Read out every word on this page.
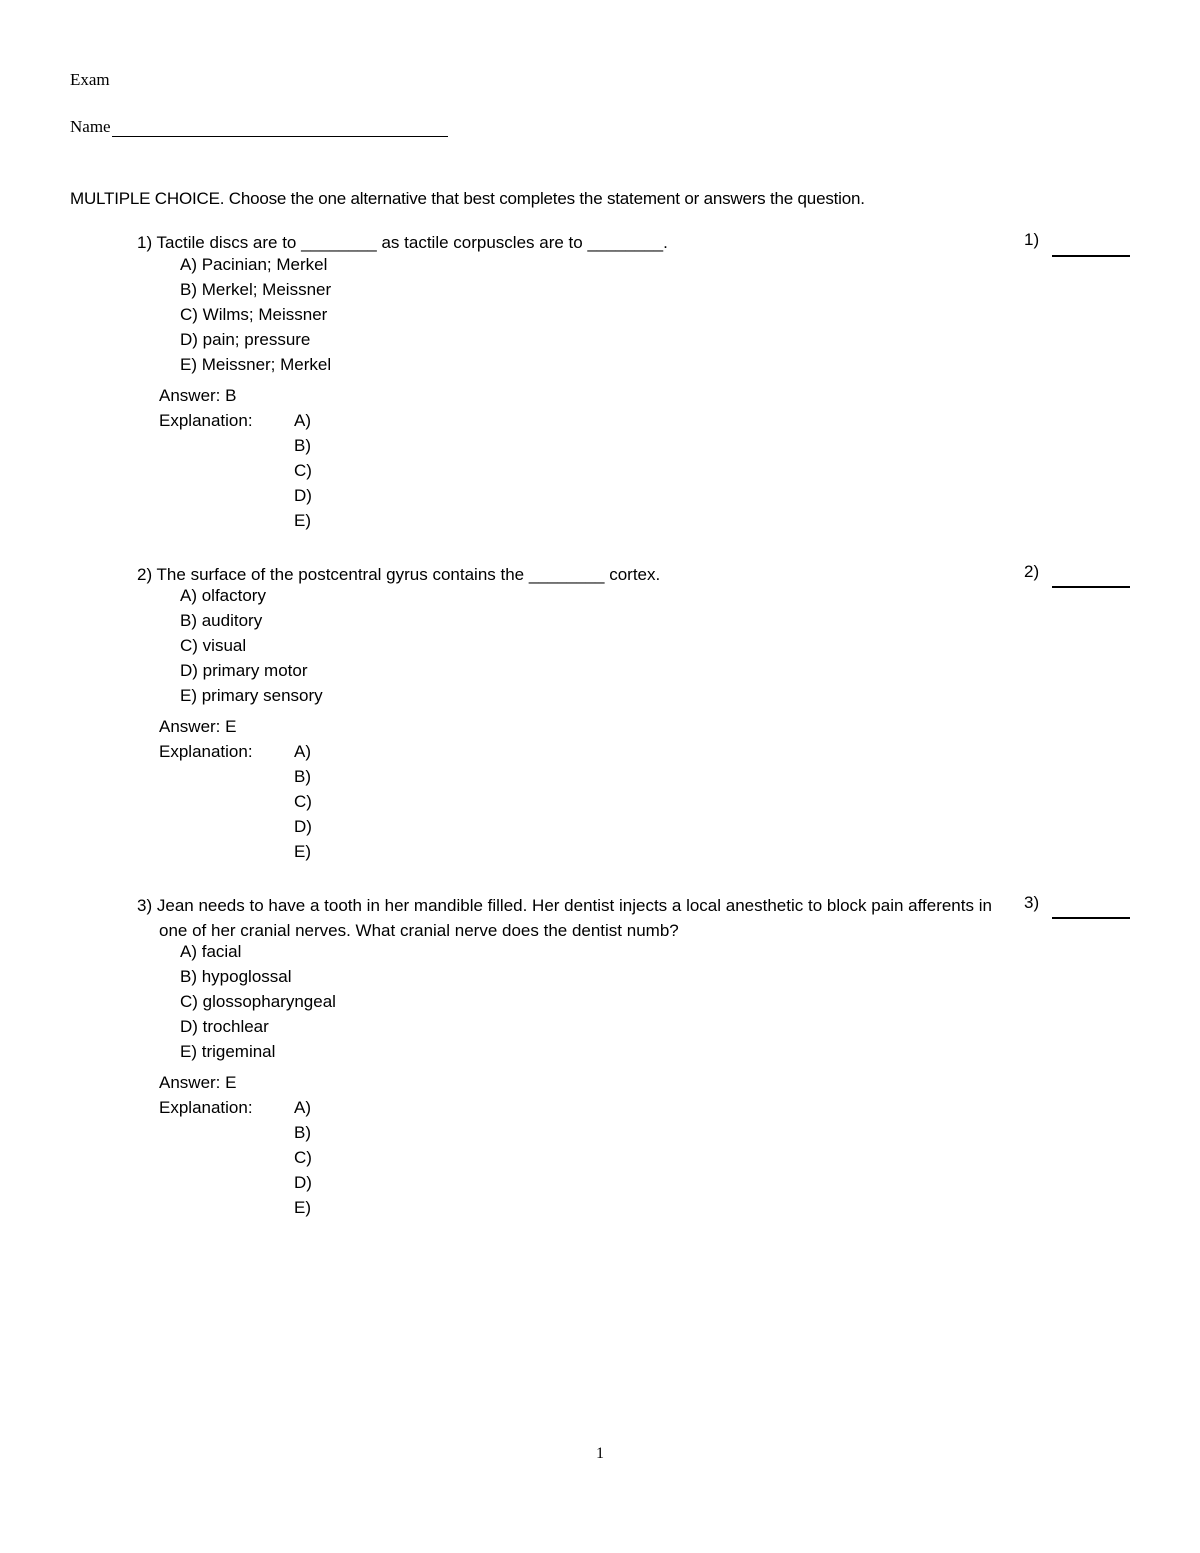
Exam
Name
MULTIPLE CHOICE. Choose the one alternative that best completes the statement or answers the question.
1) Tactile discs are to ________ as tactile corpuscles are to ________.	1)
A) Pacinian; Merkel
B) Merkel; Meissner
C) Wilms; Meissner
D) pain; pressure
E) Meissner; Merkel
Answer: B
Explanation: A)
B)
C)
D)
E)
2) The surface of the postcentral gyrus contains the ________ cortex.	2)
A) olfactory
B) auditory
C) visual
D) primary motor
E) primary sensory
Answer: E
Explanation: A)
B)
C)
D)
E)
3) Jean needs to have a tooth in her mandible filled. Her dentist injects a local anesthetic to block pain afferents in one of her cranial nerves. What cranial nerve does the dentist numb?
3)
A) facial
B) hypoglossal
C) glossopharyngeal
D) trochlear
E) trigeminal
Answer: E
Explanation: A)
B)
C)
D)
E)
1
